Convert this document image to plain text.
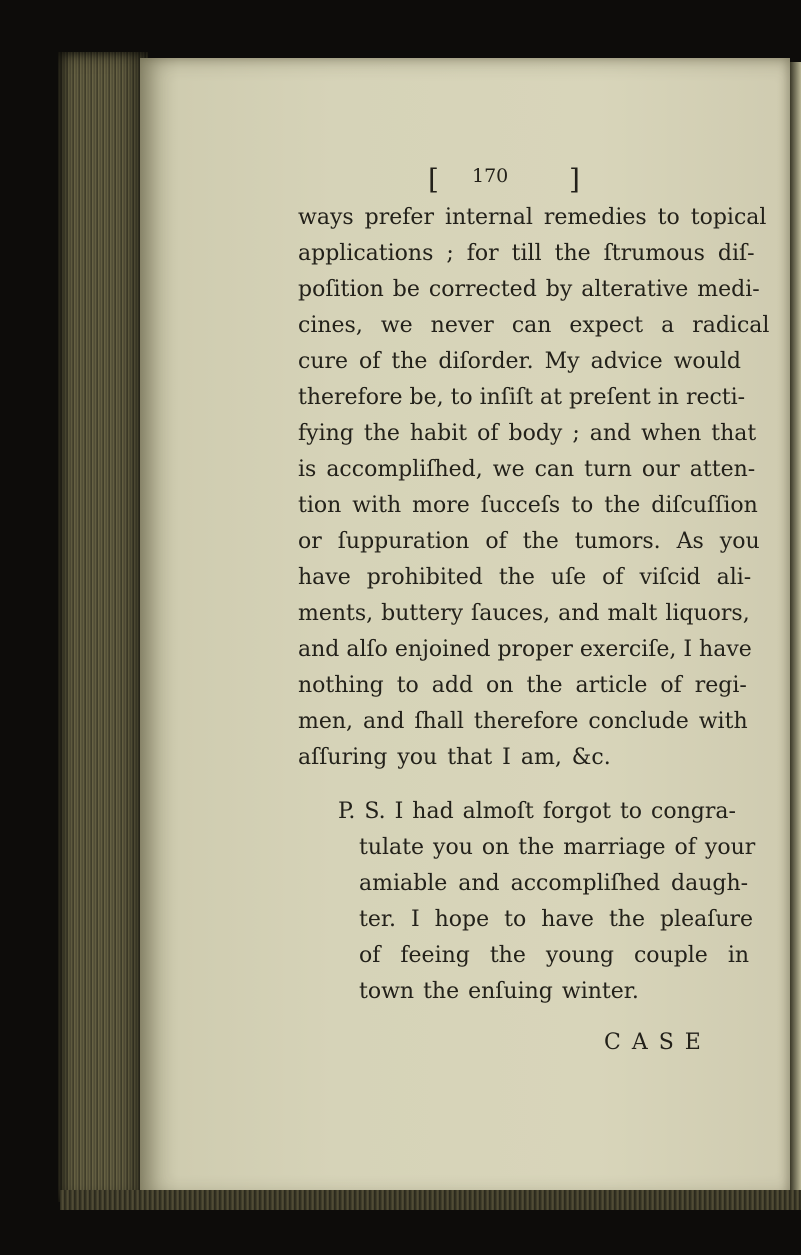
[ 170 ]
ways prefer internal remedies to topical
applications ; for till the ſtrumous diſ-
poſition be corrected by alterative medi-
cines, we never can expect a radical
cure of the diſorder. My advice would
therefore be, to inſiſt at preſent in recti-
fying the habit of body ; and when that
is accompliſhed, we can turn our atten-
tion with more ſucceſs to the diſcuſſion
or ſuppuration of the tumors. As you
have prohibited the uſe of viſcid ali-
ments, buttery ſauces, and malt liquors,
and alſo enjoined proper exerciſe, I have
nothing to add on the article of regi-
men, and ſhall therefore conclude with
aſſuring you that I am, &c.
P. S. I had almoſt forgot to congra-
tulate you on the marriage of your
amiable and accompliſhed daugh-
ter. I hope to have the pleaſure
of feeing the young couple in
town the enſuing winter.
CASE
